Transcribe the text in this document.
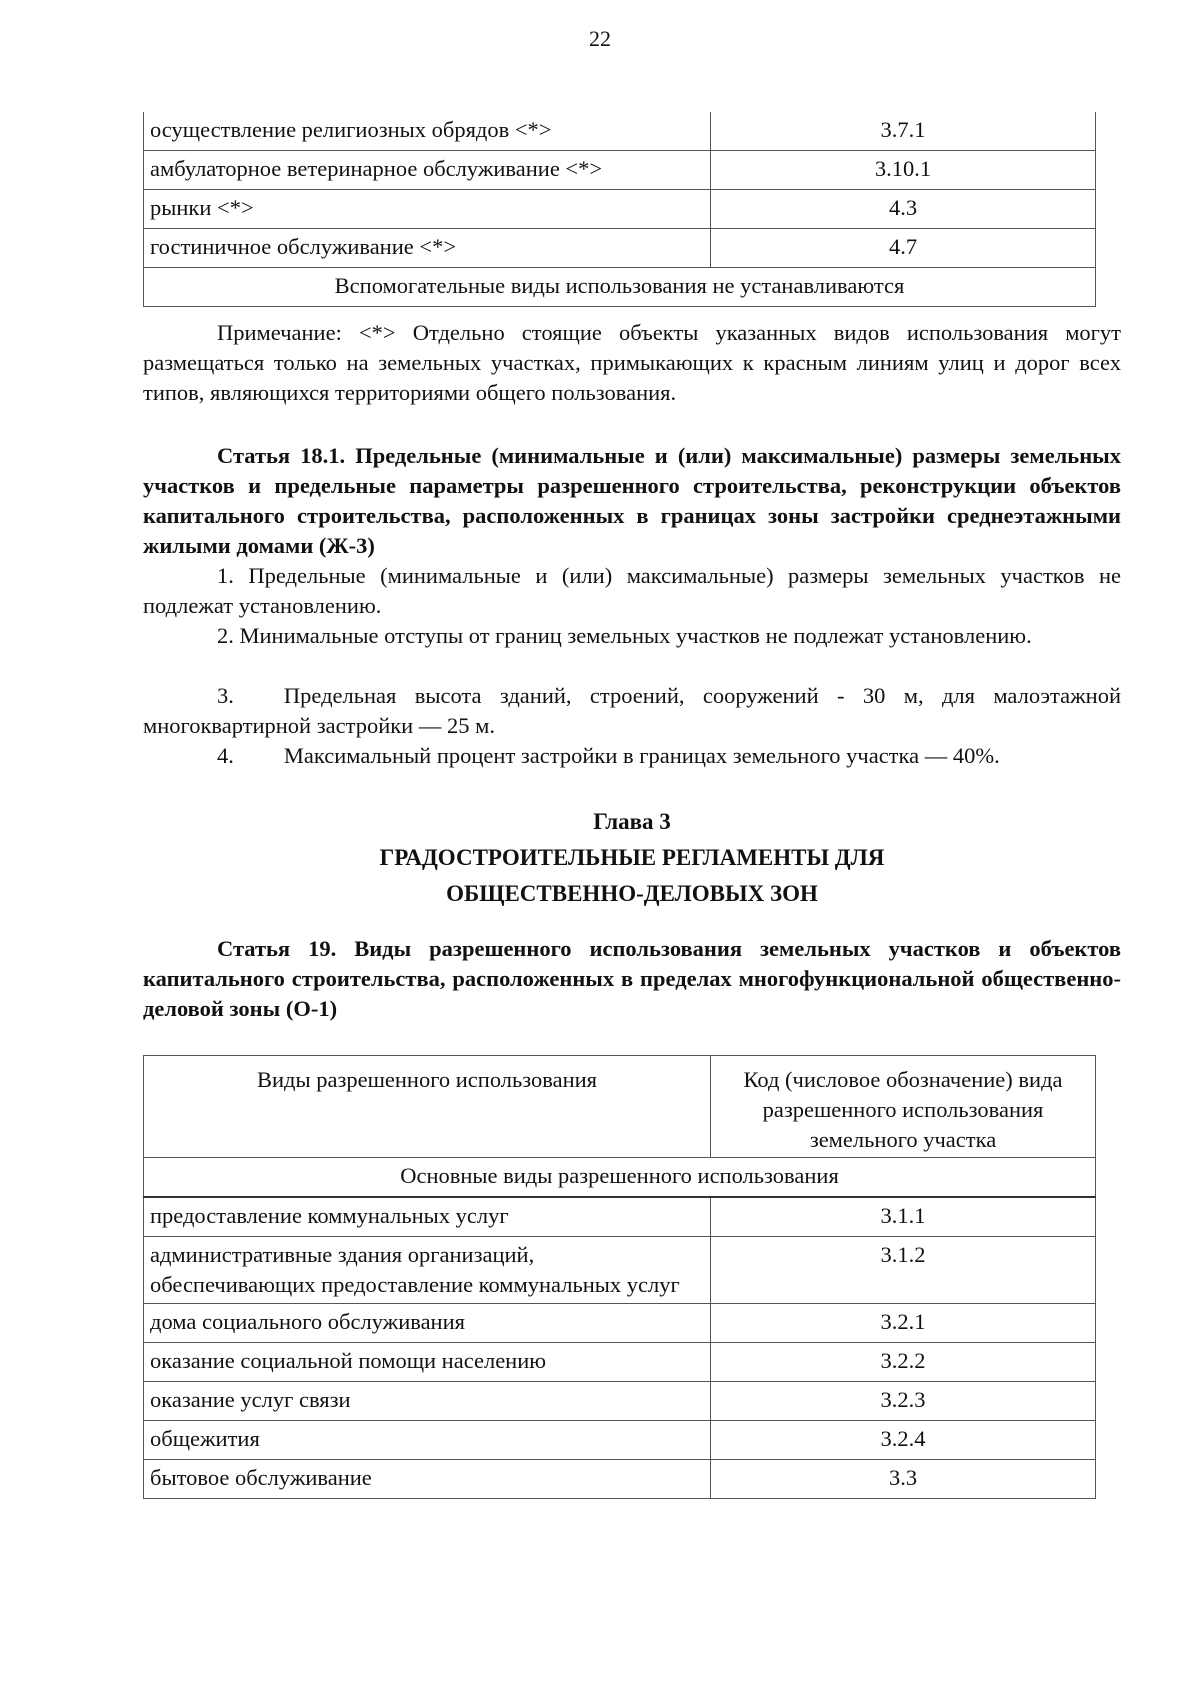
22
осуществление религиозных обрядов <*>	3.7.1
амбулаторное ветеринарное обслуживание <*>	3.10.1
рынки <*>	4.3
гостиничное обслуживание <*>	4.7
Вспомогательные виды использования не устанавливаются	

Примечание: <*> Отдельно стоящие объекты указанных видов использования могут размещаться только на земельных участках, примыкающих к красным линиям улиц и дорог всех типов, являющихся территориями общего пользования.

Статья 18.1. Предельные (минимальные и (или) максимальные) размеры земельных участков и предельные параметры разрешенного строительства, реконструкции объектов капитального строительства, расположенных в границах зоны застройки среднеэтажными жилыми домами (Ж-3)

1. Предельные (минимальные и (или) максимальные) размеры земельных участков не подлежат установлению.

2. Минимальные отступы от границ земельных участков не подлежат установлению.

3. Предельная высота зданий, строений, сооружений - 30 м, для малоэтажной многоквартирной застройки — 25 м.

4. Максимальный процент застройки в границах земельного участка — 40%.

Глава 3
ГРАДОСТРОИТЕЛЬНЫЕ РЕГЛАМЕНТЫ ДЛЯ
ОБЩЕСТВЕННО-ДЕЛОВЫХ ЗОН

Статья 19. Виды разрешенного использования земельных участков и объектов капитального строительства, расположенных в пределах многофункциональной общественно-деловой зоны (О-1)

Виды разрешенного использования	Код (числовое обозначение) вида разрешенного использования земельного участка
Основные виды разрешенного использования	
предоставление коммунальных услуг	3.1.1
административные здания организаций, обеспечивающих предоставление коммунальных услуг	3.1.2
дома социального обслуживания	3.2.1
оказание социальной помощи населению	3.2.2
оказание услуг связи	3.2.3
общежития	3.2.4
бытовое обслуживание	3.3
